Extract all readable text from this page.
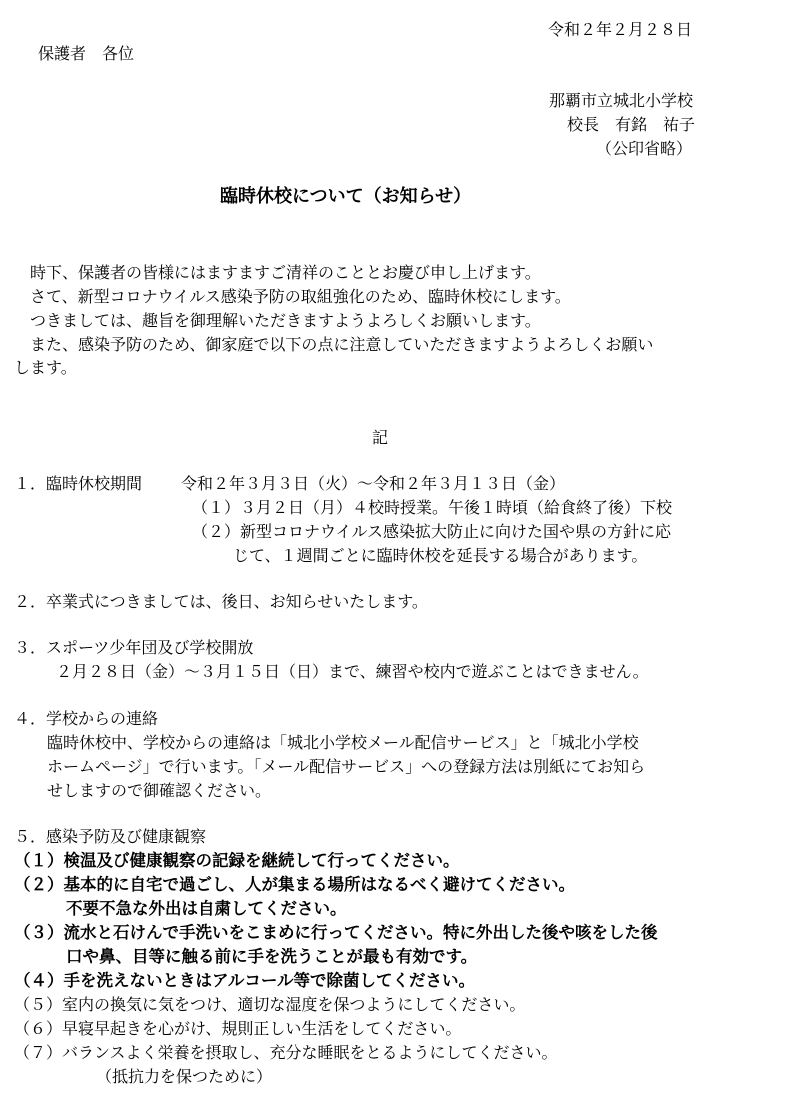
令和２年２月２８日
保護者　各位
那覇市立城北小学校
校長　有銘　祐子
（公印省略）
臨時休校について（お知らせ）
時下、保護者の皆様にはますますご清祥のこととお慶び申し上げます。
さて、新型コロナウイルス感染予防の取組強化のため、臨時休校にします。
つきましては、趣旨を御理解いただきますようよろしくお願いします。
また、感染予防のため、御家庭で以下の点に注意していただきますようよろしくお願い
します。
記
１．臨時休校期間 令和２年３月３日（火）～令和２年３月１３日（金）
（１）３月２日（月）４校時授業。午後１時頃（給食終了後）下校
（２）新型コロナウイルス感染拡大防止に向けた国や県の方針に応
じて、１週間ごとに臨時休校を延長する場合があります。
２．卒業式につきましては、後日、お知らせいたします。
３．スポーツ少年団及び学校開放
２月２８日（金）～３月１５日（日）まで、練習や校内で遊ぶことはできません。
４．学校からの連絡
臨時休校中、学校からの連絡は「城北小学校メール配信サービス」と「城北小学校
ホームページ」で行います。「メール配信サービス」への登録方法は別紙にてお知ら
せしますので御確認ください。
５．感染予防及び健康観察
（１）検温及び健康観察の記録を継続して行ってください。
（２）基本的に自宅で過ごし、人が集まる場所はなるべく避けてください。
不要不急な外出は自粛してください。
（３）流水と石けんで手洗いをこまめに行ってください。特に外出した後や咳をした後
口や鼻、目等に触る前に手を洗うことが最も有効です。
（４）手を洗えないときはアルコール等で除菌してください。
（５）室内の換気に気をつけ、適切な湿度を保つようにしてください。
（６）早寝早起きを心がけ、規則正しい生活をしてください。
（７）バランスよく栄養を摂取し、充分な睡眠をとるようにしてください。
（抵抗力を保つために）
